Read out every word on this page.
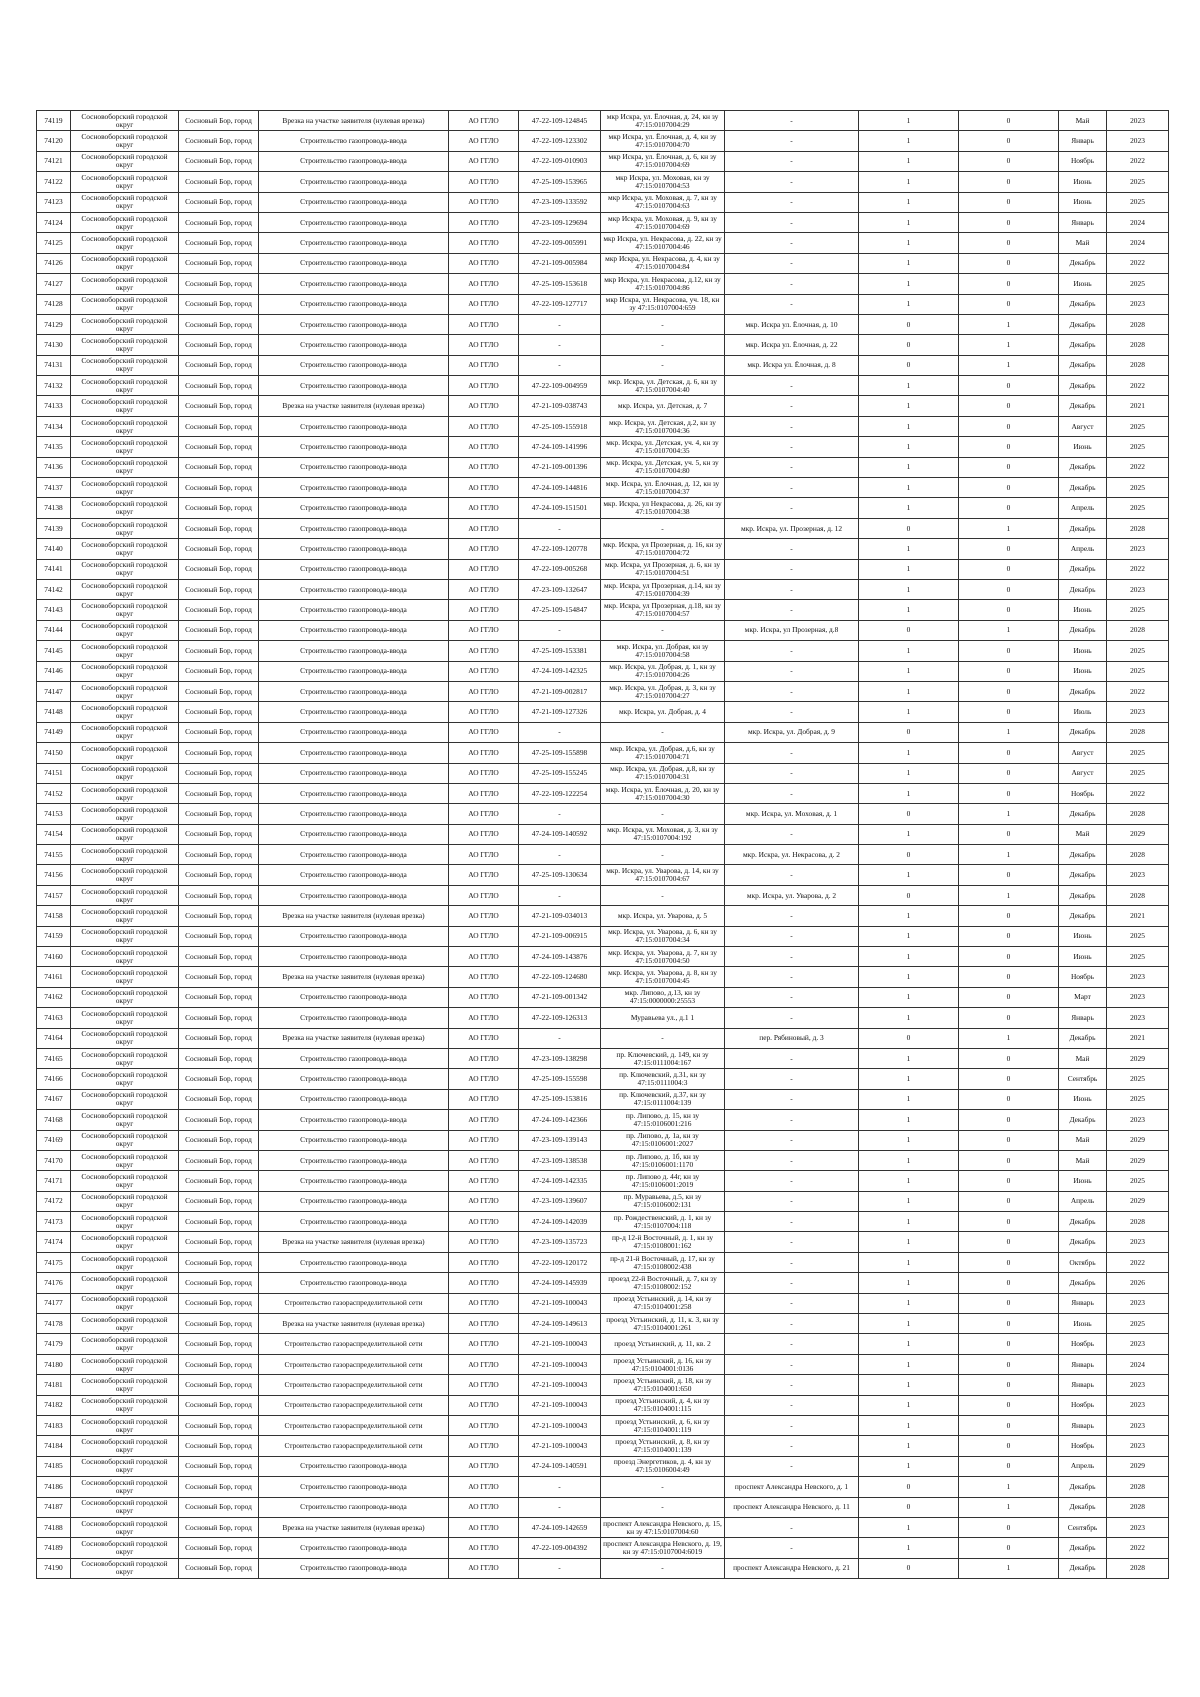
74119	Сосновоборский городской округ	Сосновый Бор, город	Врезка на участке заявителя (нулевая врезка)	АО ГГЛО	47-22-109-124845	мкр Искра, ул. Ёлочная, д. 24, кн зу 47:15:0107004:29	-	1	0	Май	2023
74120	Сосновоборский городской округ	Сосновый Бор, город	Строительство газопровода-ввода	АО ГГЛО	47-22-109-123302	мкр Искра, ул. Ёлочная, д. 4, кн зу 47:15:0107004:70	-	1	0	Январь	2023
74121	Сосновоборский городской округ	Сосновый Бор, город	Строительство газопровода-ввода	АО ГГЛО	47-22-109-010903	мкр Искра, ул. Ёлочная, д. 6, кн зу 47:15:0107004:69	-	1	0	Ноябрь	2022
74122	Сосновоборский городской округ	Сосновый Бор, город	Строительство газопровода-ввода	АО ГГЛО	47-25-109-153965	мкр Искра, ул. Моховая, кн зу 47:15:0107004:53	-	1	0	Июнь	2025
74123	Сосновоборский городской округ	Сосновый Бор, город	Строительство газопровода-ввода	АО ГГЛО	47-23-109-133592	мкр Искра, ул. Моховая, д. 7, кн зу 47:15:0107004:63	-	1	0	Июнь	2025
74124	Сосновоборский городской округ	Сосновый Бор, город	Строительство газопровода-ввода	АО ГГЛО	47-23-109-129694	мкр Искра, ул. Моховая, д. 9, кн зу 47:15:0107004:69	-	1	0	Январь	2024
74125	Сосновоборский городской округ	Сосновый Бор, город	Строительство газопровода-ввода	АО ГГЛО	47-22-109-005991	мкр Искра, ул. Некрасова, д. 22, кн зу 47:15:0107004:46	-	1	0	Май	2024
74126	Сосновоборский городской округ	Сосновый Бор, город	Строительство газопровода-ввода	АО ГГЛО	47-21-109-005984	мкр Искра, ул. Некрасова, д. 4, кн зу 47:15:0107004:84	-	1	0	Декабрь	2022
74127	Сосновоборский городской округ	Сосновый Бор, город	Строительство газопровода-ввода	АО ГГЛО	47-25-109-153618	мкр Искра, ул. Некрасова, д.12, кн зу 47:15:0107004:86	-	1	0	Июнь	2025
74128	Сосновоборский городской округ	Сосновый Бор, город	Строительство газопровода-ввода	АО ГГЛО	47-22-109-127717	мкр Искра, ул. Некрасова, уч. 18, кн зу 47:15:0107004:659	-	1	0	Декабрь	2023
74129	Сосновоборский городской округ	Сосновый Бор, город	Строительство газопровода-ввода	АО ГГЛО	-	-	мкр. Искра ул. Ёлочная, д. 10	0	1	Декабрь	2028
74130	Сосновоборский городской округ	Сосновый Бор, город	Строительство газопровода-ввода	АО ГГЛО	-	-	мкр. Искра ул. Ёлочная, д. 22	0	1	Декабрь	2028
74131	Сосновоборский городской округ	Сосновый Бор, город	Строительство газопровода-ввода	АО ГГЛО	-	-	мкр. Искра ул. Ёлочная, д. 8	0	1	Декабрь	2028
74132	Сосновоборский городской округ	Сосновый Бор, город	Строительство газопровода-ввода	АО ГГЛО	47-22-109-004959	мкр. Искра, ул. Детская, д. 6, кн зу 47:15:0107004:40	-	1	0	Декабрь	2022
74133	Сосновоборский городской округ	Сосновый Бор, город	Врезка на участке заявителя (нулевая врезка)	АО ГГЛО	47-21-109-038743	мкр. Искра, ул. Детская, д. 7	-	1	0	Декабрь	2021
74134	Сосновоборский городской округ	Сосновый Бор, город	Строительство газопровода-ввода	АО ГГЛО	47-25-109-155918	мкр. Искра, ул. Детская, д.2, кн зу 47:15:0107004:36	-	1	0	Август	2025
74135	Сосновоборский городской округ	Сосновый Бор, город	Строительство газопровода-ввода	АО ГГЛО	47-24-109-141996	мкр. Искра, ул. Детская, уч. 4, кн зу 47:15:0107004:35	-	1	0	Июнь	2025
74136	Сосновоборский городской округ	Сосновый Бор, город	Строительство газопровода-ввода	АО ГГЛО	47-21-109-001396	мкр. Искра, ул. Детская, уч. 5, кн зу 47:15:0107004:80	-	1	0	Декабрь	2022
74137	Сосновоборский городской округ	Сосновый Бор, город	Строительство газопровода-ввода	АО ГГЛО	47-24-109-144816	мкр. Искра, ул. Ёлочная, д. 12, кн зу 47:15:0107004:37	-	1	0	Декабрь	2025
74138	Сосновоборский городской округ	Сосновый Бор, город	Строительство газопровода-ввода	АО ГГЛО	47-24-109-151501	мкр. Искра, ул Некрасова, д. 26, кн зу 47:15:0107004:38	-	1	0	Апрель	2025
74139	Сосновоборский городской округ	Сосновый Бор, город	Строительство газопровода-ввода	АО ГГЛО	-	-	мкр. Искра, ул. Прозерная, д. 12	0	1	Декабрь	2028
74140	Сосновоборский городской округ	Сосновый Бор, город	Строительство газопровода-ввода	АО ГГЛО	47-22-109-120778	мкр. Искра, ул Прозерная, д. 16, кн зу 47:15:0107004:72	-	1	0	Апрель	2023
74141	Сосновоборский городской округ	Сосновый Бор, город	Строительство газопровода-ввода	АО ГГЛО	47-22-109-005268	мкр. Искра, ул Прозерная, д. 6, кн зу 47:15:0107004:51	-	1	0	Декабрь	2022
74142	Сосновоборский городской округ	Сосновый Бор, город	Строительство газопровода-ввода	АО ГГЛО	47-23-109-132647	мкр. Искра, ул Прозерная, д.14, кн зу 47:15:0107004:39	-	1	0	Декабрь	2023
74143	Сосновоборский городской округ	Сосновый Бор, город	Строительство газопровода-ввода	АО ГГЛО	47-25-109-154847	мкр. Искра, ул Прозерная, д.18, кн зу 47:15:0107004:57	-	1	0	Июнь	2025
74144	Сосновоборский городской округ	Сосновый Бор, город	Строительство газопровода-ввода	АО ГГЛО	-	-	мкр. Искра, ул Прозерная, д.8	0	1	Декабрь	2028
74145	Сосновоборский городской округ	Сосновый Бор, город	Строительство газопровода-ввода	АО ГГЛО	47-25-109-153381	мкр. Искра, ул. Добрая, кн зу 47:15:0107004:58	-	1	0	Июнь	2025
74146	Сосновоборский городской округ	Сосновый Бор, город	Строительство газопровода-ввода	АО ГГЛО	47-24-109-142325	мкр. Искра, ул. Добрая, д. 1, кн зу 47:15:0107004:26	-	1	0	Июнь	2025
74147	Сосновоборский городской округ	Сосновый Бор, город	Строительство газопровода-ввода	АО ГГЛО	47-21-109-002817	мкр. Искра, ул. Добрая, д. 3, кн зу 47:15:0107004:27	-	1	0	Декабрь	2022
74148	Сосновоборский городской округ	Сосновый Бор, город	Строительство газопровода-ввода	АО ГГЛО	47-21-109-127326	мкр. Искра, ул. Добрая, д. 4	-	1	0	Июль	2023
74149	Сосновоборский городской округ	Сосновый Бор, город	Строительство газопровода-ввода	АО ГГЛО	-	-	мкр. Искра, ул. Добрая, д. 9	0	1	Декабрь	2028
74150	Сосновоборский городской округ	Сосновый Бор, город	Строительство газопровода-ввода	АО ГГЛО	47-25-109-155898	мкр. Искра, ул. Добрая, д.6, кн зу 47:15:0107004:71	-	1	0	Август	2025
74151	Сосновоборский городской округ	Сосновый Бор, город	Строительство газопровода-ввода	АО ГГЛО	47-25-109-155245	мкр. Искра, ул. Добрая, д.8, кн зу 47:15:0107004:31	-	1	0	Август	2025
74152	Сосновоборский городской округ	Сосновый Бор, город	Строительство газопровода-ввода	АО ГГЛО	47-22-109-122254	мкр. Искра, ул. Ёлочная, д. 20, кн зу 47:15:0107004:30	-	1	0	Ноябрь	2022
74153	Сосновоборский городской округ	Сосновый Бор, город	Строительство газопровода-ввода	АО ГГЛО	-	-	мкр. Искра, ул. Моховая, д. 1	0	1	Декабрь	2028
74154	Сосновоборский городской округ	Сосновый Бор, город	Строительство газопровода-ввода	АО ГГЛО	47-24-109-140592	мкр. Искра, ул. Моховая, д. 3, кн зу 47:15:0107004:192	-	1	0	Май	2029
74155	Сосновоборский городской округ	Сосновый Бор, город	Строительство газопровода-ввода	АО ГГЛО	-	-	мкр. Искра, ул. Некрасова, д. 2	0	1	Декабрь	2028
74156	Сосновоборский городской округ	Сосновый Бор, город	Строительство газопровода-ввода	АО ГГЛО	47-25-109-130634	мкр. Искра, ул. Уварова, д. 14, кн зу 47:15:0107004:67	-	1	0	Декабрь	2023
74157	Сосновоборский городской округ	Сосновый Бор, город	Строительство газопровода-ввода	АО ГГЛО	-	-	мкр. Искра, ул. Уварова, д. 2	0	1	Декабрь	2028
74158	Сосновоборский городской округ	Сосновый Бор, город	Врезка на участке заявителя (нулевая врезка)	АО ГГЛО	47-21-109-034013	мкр. Искра, ул. Уварова, д. 5	-	1	0	Декабрь	2021
74159	Сосновоборский городской округ	Сосновый Бор, город	Строительство газопровода-ввода	АО ГГЛО	47-21-109-006915	мкр. Искра, ул. Уварова, д. 6, кн зу 47:15:0107004:34	-	1	0	Июнь	2025
74160	Сосновоборский городской округ	Сосновый Бор, город	Строительство газопровода-ввода	АО ГГЛО	47-24-109-143876	мкр. Искра, ул. Уварова, д. 7, кн зу 47:15:0107004:50	-	1	0	Июнь	2025
74161	Сосновоборский городской округ	Сосновый Бор, город	Врезка на участке заявителя (нулевая врезка)	АО ГГЛО	47-22-109-124680	мкр. Искра, ул. Уварова, д. 8, кн зу 47:15:0107004:45	-	1	0	Ноябрь	2023
74162	Сосновоборский городской округ	Сосновый Бор, город	Строительство газопровода-ввода	АО ГГЛО	47-21-109-001342	мкр. Липово, д.13, кн зу 47:15:0000000:25553	-	1	0	Март	2023
74163	Сосновоборский городской округ	Сосновый Бор, город	Строительство газопровода-ввода	АО ГГЛО	47-22-109-126313	Муравьева ул., д.1 1	-	1	0	Январь	2023
74164	Сосновоборский городской округ	Сосновый Бор, город	Врезка на участке заявителя (нулевая врезка)	АО ГГЛО	-	-	пер. Рябиновый, д. 3	0	1	Декабрь	2021
74165	Сосновоборский городской округ	Сосновый Бор, город	Строительство газопровода-ввода	АО ГГЛО	47-23-109-138298	пр. Ключевский, д. 149, кн зу 47:15:0111004:167	-	1	0	Май	2029
74166	Сосновоборский городской округ	Сосновый Бор, город	Строительство газопровода-ввода	АО ГГЛО	47-25-109-155598	пр. Ключевский, д.31, кн зу 47:15:0111004:3	-	1	0	Сентябрь	2025
74167	Сосновоборский городской округ	Сосновый Бор, город	Строительство газопровода-ввода	АО ГГЛО	47-25-109-153816	пр. Ключевский, д.37, кн зу 47:15:0111004:139	-	1	0	Июнь	2025
74168	Сосновоборский городской округ	Сосновый Бор, город	Строительство газопровода-ввода	АО ГГЛО	47-24-109-142366	пр. Липово, д. 15, кн зу 47:15:0106001:216	-	1	0	Декабрь	2023
74169	Сосновоборский городской округ	Сосновый Бор, город	Строительство газопровода-ввода	АО ГГЛО	47-23-109-139143	пр. Липово, д. 1а, кн зу 47:15:0106001:2027	-	1	0	Май	2029
74170	Сосновоборский городской округ	Сосновый Бор, город	Строительство газопровода-ввода	АО ГГЛО	47-23-109-138538	пр. Липово, д. 1б, кн зу 47:15:0106001:1170	-	1	0	Май	2029
74171	Сосновоборский городской округ	Сосновый Бор, город	Строительство газопровода-ввода	АО ГГЛО	47-24-109-142335	пр. Липово д. 44г, кн зу 47:15:0106001:2019	-	1	0	Июнь	2025
74172	Сосновоборский городской округ	Сосновый Бор, город	Строительство газопровода-ввода	АО ГГЛО	47-23-109-139607	пр. Муравьева, д.5, кн зу 47:15:0106002:131	-	1	0	Апрель	2029
74173	Сосновоборский городской округ	Сосновый Бор, город	Строительство газопровода-ввода	АО ГГЛО	47-24-109-142039	пр. Рождественский, д. 1, кн зу 47:15:0107004:118	-	1	0	Декабрь	2028
74174	Сосновоборский городской округ	Сосновый Бор, город	Врезка на участке заявителя (нулевая врезка)	АО ГГЛО	47-23-109-135723	пр-д 12-й Восточный, д. 1, кн зу 47:15:0108001:162	-	1	0	Декабрь	2023
74175	Сосновоборский городской округ	Сосновый Бор, город	Строительство газопровода-ввода	АО ГГЛО	47-22-109-120172	пр-д 21-й Восточный, д. 17, кн зу 47:15:0108002:438	-	1	0	Октябрь	2022
74176	Сосновоборский городской округ	Сосновый Бор, город	Строительство газопровода-ввода	АО ГГЛО	47-24-109-145939	проезд 22-й Восточный, д. 7, кн зу 47:15:0108002:152	-	1	0	Декабрь	2026
74177	Сосновоборский городской округ	Сосновый Бор, город	Строительство газораспределительной сети	АО ГГЛО	47-21-109-100043	проезд Устьинский, д. 14, кн зу 47:15:0104001:258	-	1	0	Январь	2023
74178	Сосновоборский городской округ	Сосновый Бор, город	Врезка на участке заявителя (нулевая врезка)	АО ГГЛО	47-24-109-149613	проезд Устьинский, д. 11, к. 3, кн зу 47:15:0104001:261	-	1	0	Июнь	2025
74179	Сосновоборский городской округ	Сосновый Бор, город	Строительство газораспределительной сети	АО ГГЛО	47-21-109-100043	проезд Устьинский, д. 11, кв. 2	-	1	0	Ноябрь	2023
74180	Сосновоборский городской округ	Сосновый Бор, город	Строительство газораспределительной сети	АО ГГЛО	47-21-109-100043	проезд Устьинский, д. 16, кн зу 47:15:0104001:0136	-	1	0	Январь	2024
74181	Сосновоборский городской округ	Сосновый Бор, город	Строительство газораспределительной сети	АО ГГЛО	47-21-109-100043	проезд Устьинский, д. 18, кн зу 47:15:0104001:650	-	1	0	Январь	2023
74182	Сосновоборский городской округ	Сосновый Бор, город	Строительство газораспределительной сети	АО ГГЛО	47-21-109-100043	проезд Устьинский, д. 4, кн зу 47:15:0104001:115	-	1	0	Ноябрь	2023
74183	Сосновоборский городской округ	Сосновый Бор, город	Строительство газораспределительной сети	АО ГГЛО	47-21-109-100043	проезд Устьинский, д. 6, кн зу 47:15:0104001:119	-	1	0	Январь	2023
74184	Сосновоборский городской округ	Сосновый Бор, город	Строительство газораспределительной сети	АО ГГЛО	47-21-109-100043	проезд Устьинский, д. 8, кн зу 47:15:0104001:139	-	1	0	Ноябрь	2023
74185	Сосновоборский городской округ	Сосновый Бор, город	Строительство газопровода-ввода	АО ГГЛО	47-24-109-140591	проезд Энергетиков, д. 4, кн зу 47:15:0106004:49	-	1	0	Апрель	2029
74186	Сосновоборский городской округ	Сосновый Бор, город	Строительство газопровода-ввода	АО ГГЛО	-	-	проспект Александра Невского, д. 1	0	1	Декабрь	2028
74187	Сосновоборский городской округ	Сосновый Бор, город	Строительство газопровода-ввода	АО ГГЛО	-	-	проспект Александра Невского, д. 11	0	1	Декабрь	2028
74188	Сосновоборский городской округ	Сосновый Бор, город	Врезка на участке заявителя (нулевая врезка)	АО ГГЛО	47-24-109-142659	проспект Александра Невского, д. 15, кн зу 47:15:0107004:60	-	1	0	Сентябрь	2023
74189	Сосновоборский городской округ	Сосновый Бор, город	Строительство газопровода-ввода	АО ГГЛО	47-22-109-004392	проспект Александра Невского, д. 19, кн зу 47:15:0107004:6019	-	1	0	Декабрь	2022
74190	Сосновоборский городской округ	Сосновый Бор, город	Строительство газопровода-ввода	АО ГГЛО	-	-	проспект Александра Невского, д. 21	0	1	Декабрь	2028
